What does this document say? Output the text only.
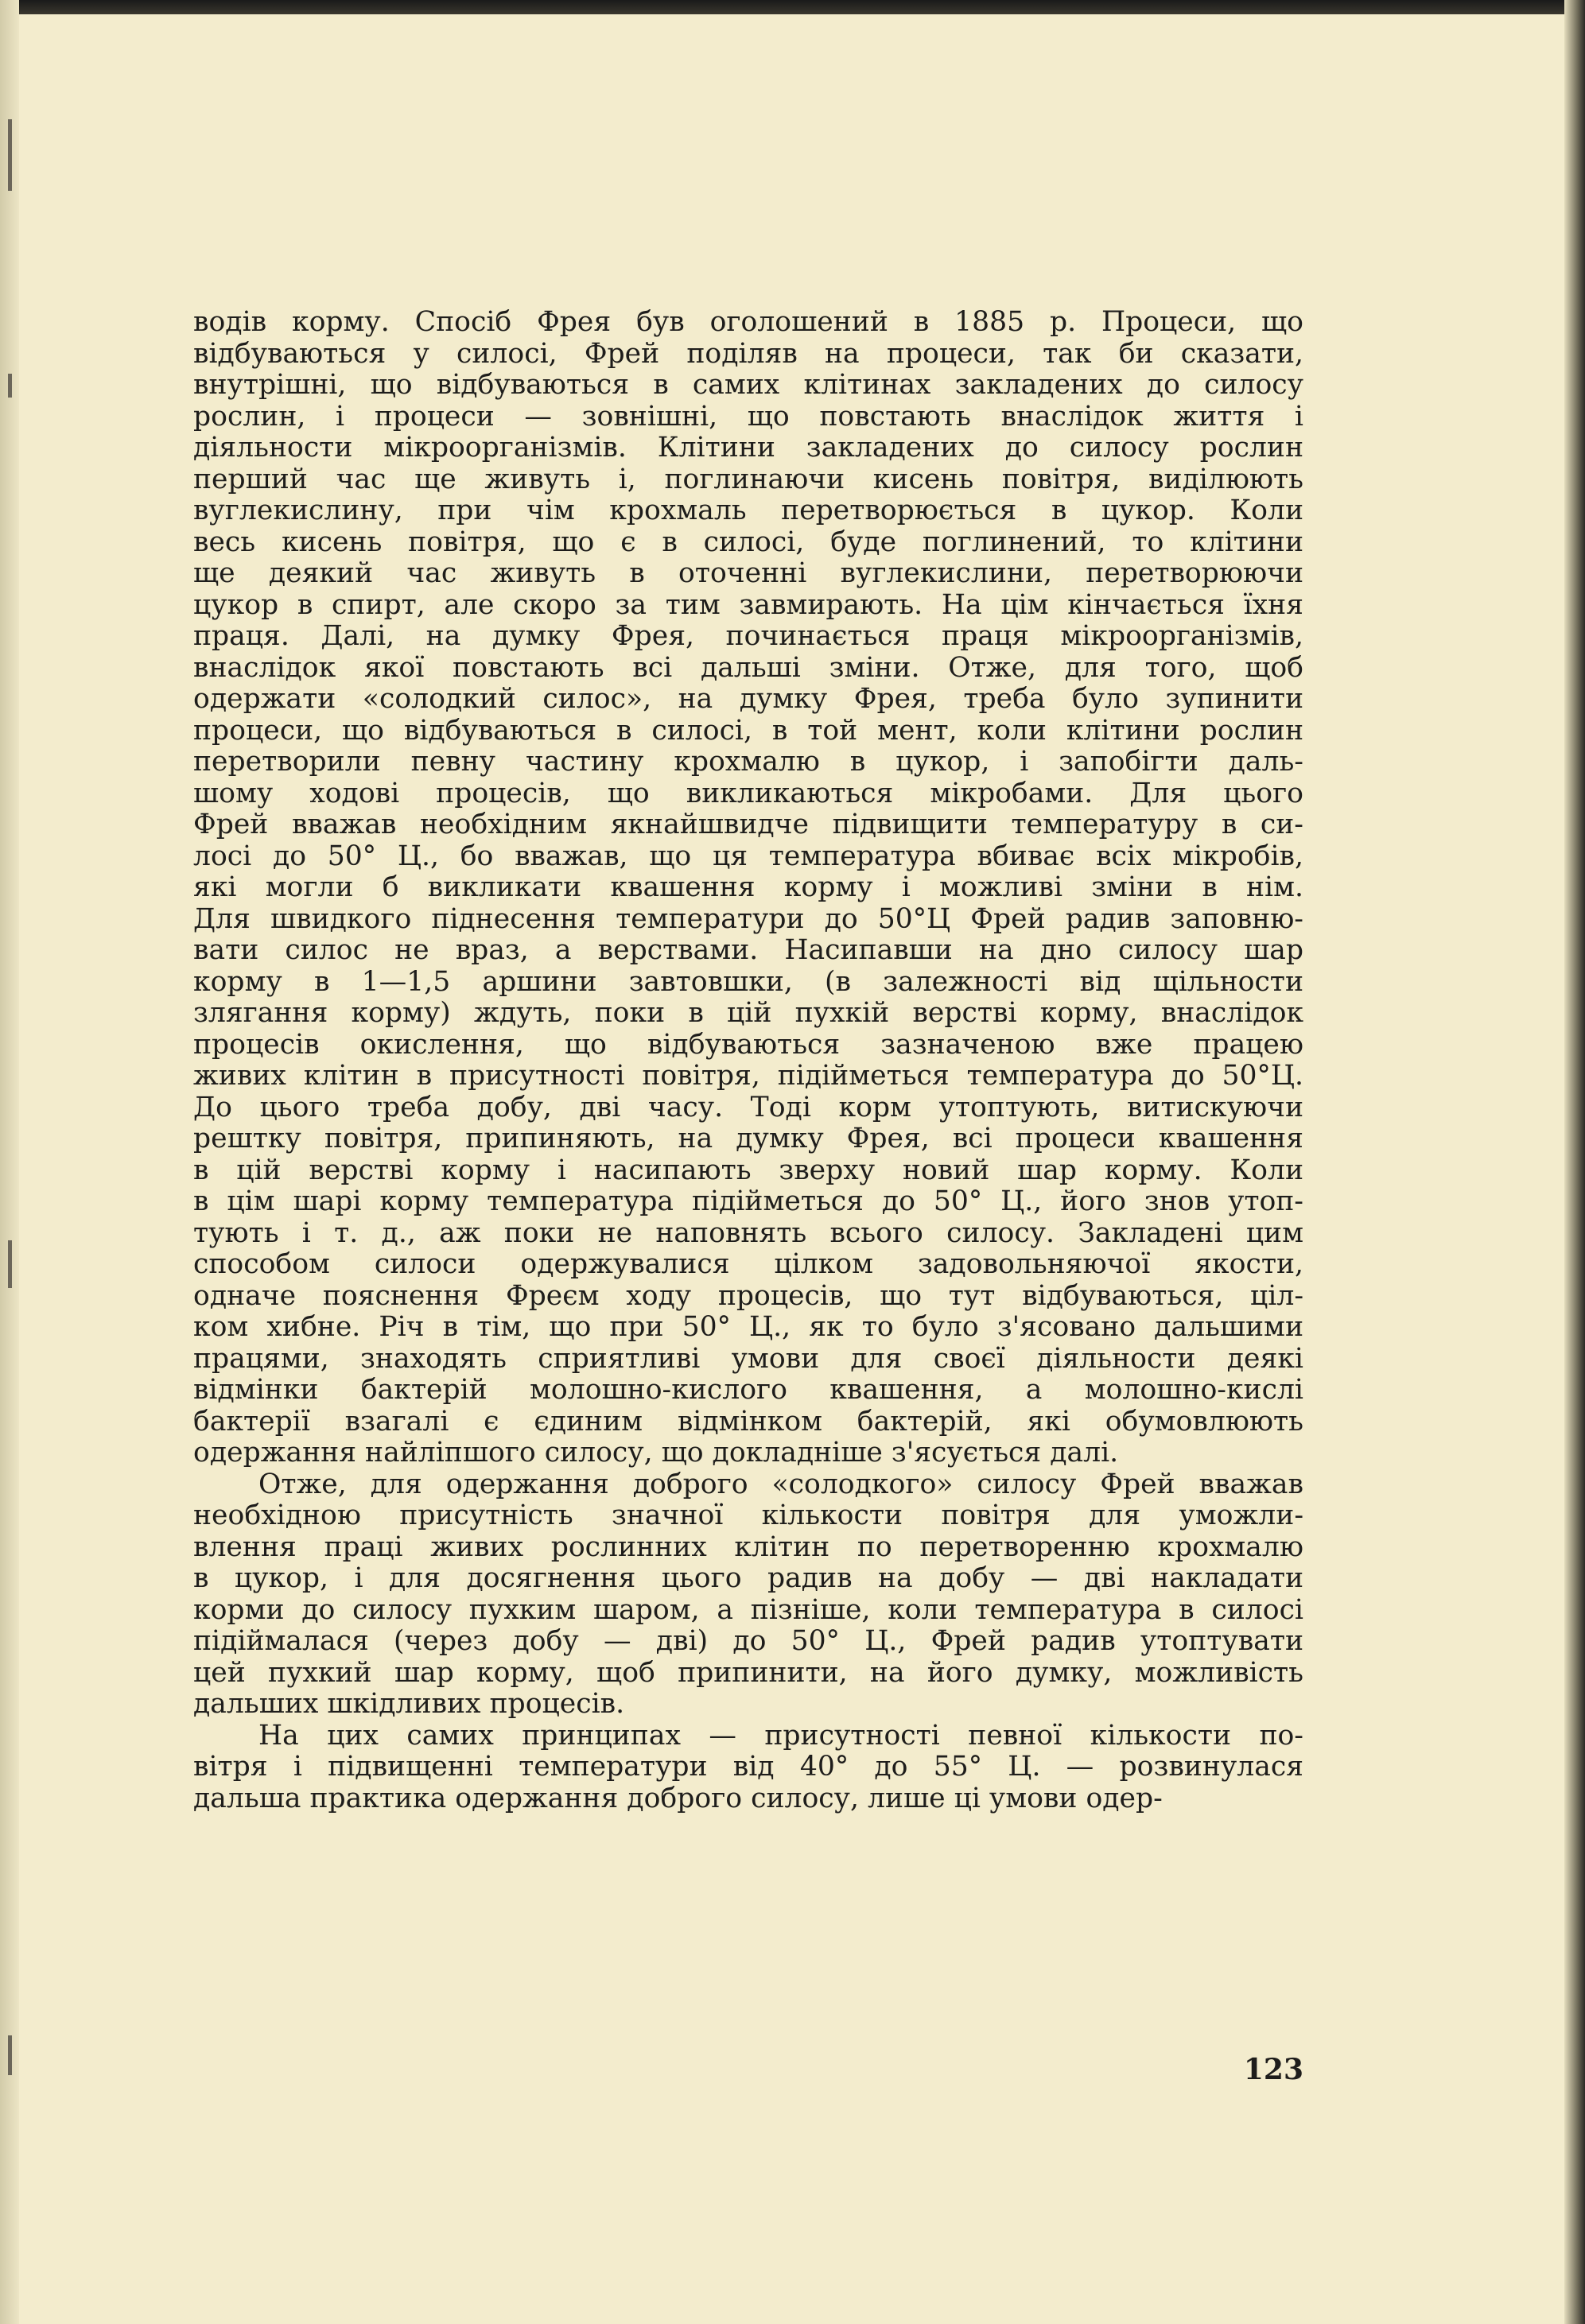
водів корму. Спосіб Фрея був оголошений в 1885 р. Процеси, що
відбуваються у силосі, Фрей поділяв на процеси, так би сказати,
внутрішні, що відбуваються в самих клітинах закладених до силосу
рослин, і процеси — зовнішні, що повстають внаслідок життя і
діяльности мікроорганізмів. Клітини закладених до силосу рослин
перший час ще живуть і, поглинаючи кисень повітря, виділюють
вуглекислину, при чім крохмаль перетворюється в цукор. Коли
весь кисень повітря, що є в силосі, буде поглинений, то клітини
ще деякий час живуть в оточенні вуглекислини, перетворюючи
цукор в спирт, але скоро за тим завмирають. На цім кінчається їхня
праця. Далі, на думку Фрея, починається праця мікроорганізмів,
внаслідок якої повстають всі дальші зміни. Отже, для того, щоб
одержати «солодкий силос», на думку Фрея, треба було зупинити
процеси, що відбуваються в силосі, в той мент, коли клітини рослин
перетворили певну частину крохмалю в цукор, і запобігти даль-
шому ходові процесів, що викликаються мікробами. Для цього
Фрей вважав необхідним якнайшвидче підвищити температуру в си-
лосі до 50° Ц., бо вважав, що ця температура вбиває всіх мікробів,
які могли б викликати квашення корму і можливі зміни в нім.
Для швидкого піднесення температури до 50°Ц Фрей радив заповню-
вати силос не враз, а верствами. Насипавши на дно силосу шар
корму в 1—1,5 аршини завтовшки, (в залежності від щільности
злягання корму) ждуть, поки в цій пухкій верстві корму, внаслідок
процесів окислення, що відбуваються зазначеною вже працею
живих клітин в присутності повітря, підійметься температура до 50°Ц.
До цього треба добу, дві часу. Тоді корм утоптують, витискуючи
рештку повітря, припиняють, на думку Фрея, всі процеси квашення
в цій верстві корму і насипають зверху новий шар корму. Коли
в цім шарі корму температура підійметься до 50° Ц., його знов утоп-
тують і т. д., аж поки не наповнять всього силосу. Закладені цим
способом силоси одержувалися цілком задовольняючої якости,
одначе пояснення Фреєм ходу процесів, що тут відбуваються, ціл-
ком хибне. Річ в тім, що при 50° Ц., як то було з'ясовано дальшими
працями, знаходять сприятливі умови для своєї діяльности деякі
відмінки бактерій молошно-кислого квашення, а молошно-кислі
бактерії взагалі є єдиним відмінком бактерій, які обумовлюють
одержання найліпшого силосу, що докладніше з'ясується далі.
Отже, для одержання доброго «солодкого» силосу Фрей вважав
необхідною присутність значної кількости повітря для уможли-
влення праці живих рослинних клітин по перетворенню крохмалю
в цукор, і для досягнення цього радив на добу — дві накладати
корми до силосу пухким шаром, а пізніше, коли температура в силосі
підіймалася (через добу — дві) до 50° Ц., Фрей радив утоптувати
цей пухкий шар корму, щоб припинити, на його думку, можливість
дальших шкідливих процесів.
На цих самих принципах — присутності певної кількости по-
вітря і підвищенні температури від 40° до 55° Ц. — розвинулася
дальша практика одержання доброго силосу, лише ці умови одер-
123
